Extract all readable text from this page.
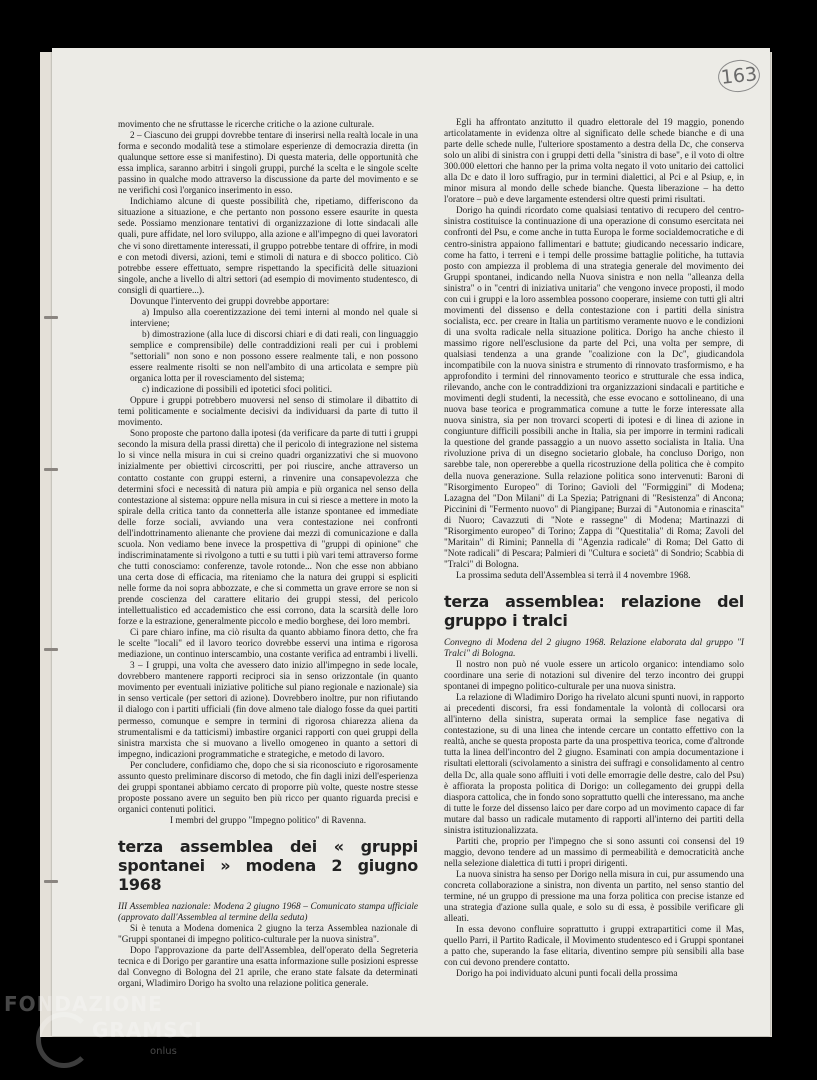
163

movimento che ne sfruttasse le ricerche critiche o la azione culturale.

2 – Ciascuno dei gruppi dovrebbe tentare di inserirsi nella realtà locale in una forma e secondo modalità tese a stimolare esperienze di democrazia diretta (in qualunque settore esse si manifestino). Di questa materia, delle opportunità che essa implica, saranno arbitri i singoli gruppi, purché la scelta e le singole scelte passino in qualche modo attraverso la discussione da parte del movimento e se ne verifichi così l'organico inserimento in esso.

Indichiamo alcune di queste possibilità che, ripetiamo, differiscono da situazione a situazione, e che pertanto non possono essere esaurite in questa sede. Possiamo menzionare tentativi di organizzazione di lotte sindacali alle quali, pure affidate, nel loro sviluppo, alla azione e all'impegno di quei lavoratori che vi sono direttamente interessati, il gruppo potrebbe tentare di offrire, in modi e con metodi diversi, azioni, temi e stimoli di natura e di sbocco politico. Ciò potrebbe essere effettuato, sempre rispettando la specificità delle situazioni singole, anche a livello di altri settori (ad esempio di movimento studentesco, di consigli di quartiere...).

Dovunque l'intervento dei gruppi dovrebbe apportare:

a) Impulso alla coerentizzazione dei temi interni al mondo nel quale si interviene;

b) dimostrazione (alla luce di discorsi chiari e di dati reali, con linguaggio semplice e comprensibile) delle contraddizioni reali per cui i problemi "settoriali" non sono e non possono essere realmente tali, e non possono essere realmente risolti se non nell'ambito di una articolata e sempre più organica lotta per il rovesciamento del sistema;

c) indicazione di possibili ed ipotetici sfoci politici.

Oppure i gruppi potrebbero muoversi nel senso di stimolare il dibattito di temi politicamente e socialmente decisivi da individuarsi da parte di tutto il movimento.

Sono proposte che partono dalla ipotesi (da verificare da parte di tutti i gruppi secondo la misura della prassi diretta) che il pericolo di integrazione nel sistema lo si vince nella misura in cui si creino quadri organizzativi che si muovono inizialmente per obiettivi circoscritti, per poi riuscire, anche attraverso un contatto costante con gruppi esterni, a rinvenire una consapevolezza che determini sfoci e necessità di natura più ampia e più organica nel senso della contestazione al sistema: oppure nella misura in cui si riesce a mettere in moto la spirale della critica tanto da connetterla alle istanze spontanee ed immediate delle forze sociali, avviando una vera contestazione nei confronti dell'indottrinamento alienante che proviene dai mezzi di comunicazione e dalla scuola. Non vediamo bene invece la prospettiva di "gruppi di opinione" che indiscriminatamente si rivolgono a tutti e su tutti i più vari temi attraverso forme che tutti conosciamo: conferenze, tavole rotonde... Non che esse non abbiano una certa dose di efficacia, ma riteniamo che la natura dei gruppi si espliciti nelle forme da noi sopra abbozzate, e che si commetta un grave errore se non si prende coscienza del carattere elitario dei gruppi stessi, del pericolo intellettualistico ed accademistico che essi corrono, data la scarsità delle loro forze e la estrazione, generalmente piccolo e medio borghese, dei loro membri.

Ci pare chiaro infine, ma ciò risulta da quanto abbiamo finora detto, che fra le scelte "locali" ed il lavoro teorico dovrebbe esservi una intima e rigorosa mediazione, un continuo interscambio, una costante verifica ad entrambi i livelli.

3 – I gruppi, una volta che avessero dato inizio all'impegno in sede locale, dovrebbero mantenere rapporti reciproci sia in senso orizzontale (in quanto movimento per eventuali iniziative politiche sul piano regionale e nazionale) sia in senso verticale (per settori di azione). Dovrebbero inoltre, pur non rifiutando il dialogo con i partiti ufficiali (fin dove almeno tale dialogo fosse da quei partiti permesso, comunque e sempre in termini di rigorosa chiarezza aliena da strumentalismi e da tatticismi) imbastire organici rapporti con quei gruppi della sinistra marxista che si muovano a livello omogeneo in quanto a settori di impegno, indicazioni programmatiche e strategiche, e metodo di lavoro.

Per concludere, confidiamo che, dopo che si sia riconosciuto e rigorosamente assunto questo preliminare discorso di metodo, che fin dagli inizi dell'esperienza dei gruppi spontanei abbiamo cercato di proporre più volte, queste nostre stesse proposte possano avere un seguito ben più ricco per quanto riguarda precisi e organici contenuti politici.

I membri del gruppo "Impegno politico" di Ravenna.

terza assemblea dei « gruppi spontanei » modena 2 giugno 1968

III Assemblea nazionale: Modena 2 giugno 1968 – Comunicato stampa ufficiale (approvato dall'Assemblea al termine della seduta)

Si è tenuta a Modena domenica 2 giugno la terza Assemblea nazionale di "Gruppi spontanei di impegno politico-culturale per la nuova sinistra".

Dopo l'approvazione da parte dell'Assemblea, dell'operato della Segreteria tecnica e di Dorigo per garantire una esatta informazione sulle posizioni espresse dal Convegno di Bologna del 21 aprile, che erano state falsate da determinati organi, Wladimiro Dorigo ha svolto una relazione politica generale.

Egli ha affrontato anzitutto il quadro elettorale del 19 maggio, ponendo articolatamente in evidenza oltre al significato delle schede bianche e di una parte delle schede nulle, l'ulteriore spostamento a destra della Dc, che conserva solo un alibi di sinistra con i gruppi detti della "sinistra di base", e il voto di oltre 300.000 elettori che hanno per la prima volta negato il voto unitario dei cattolici alla Dc e dato il loro suffragio, pur in termini dialettici, al Pci e al Psiup, e, in minor misura al mondo delle schede bianche. Questa liberazione – ha detto l'oratore – può e deve largamente estendersi oltre questi primi risultati.

Dorigo ha quindi ricordato come qualsiasi tentativo di recupero del centro-sinistra costituisce la continuazione di una operazione di consumo esercitata nei confronti del Psu, e come anche in tutta Europa le forme socialdemocratiche e di centro-sinistra appaiono fallimentari e battute; giudicando necessario indicare, come ha fatto, i terreni e i tempi delle prossime battaglie politiche, ha tuttavia posto con ampiezza il problema di una strategia generale del movimento dei Gruppi spontanei, indicando nella Nuova sinistra e non nella "alleanza della sinistra" o in "centri di iniziativa unitaria" che vengono invece proposti, il modo con cui i gruppi e la loro assemblea possono cooperare, insieme con tutti gli altri movimenti del dissenso e della contestazione con i partiti della sinistra socialista, ecc. per creare in Italia un partitismo veramente nuovo e le condizioni di una svolta radicale nella situazione politica. Dorigo ha anche chiesto il massimo rigore nell'esclusione da parte del Pci, una volta per sempre, di qualsiasi tendenza a una grande "coalizione con la Dc", giudicandola incompatibile con la nuova sinistra e strumento di rinnovato trasformismo, e ha approfondito i termini del rinnovamento teorico e strutturale che essa indica, rilevando, anche con le contraddizioni tra organizzazioni sindacali e partitiche e movimenti degli studenti, la necessità, che esse evocano e sottolineano, di una nuova base teorica e programmatica comune a tutte le forze interessate alla nuova sinistra, sia per non trovarci scoperti di ipotesi e di linea di azione in congiunture difficili possibili anche in Italia, sia per imporre in termini radicali la questione del grande passaggio a un nuovo assetto socialista in Italia. Una rivoluzione priva di un disegno societario globale, ha concluso Dorigo, non sarebbe tale, non opererebbe a quella ricostruzione della politica che è compito della nuova generazione. Sulla relazione politica sono intervenuti: Baroni di "Risorgimento Europeo" di Torino; Gavioli del "Formiggini" di Modena; Lazagna del "Don Milani" di La Spezia; Patrignani di "Resistenza" di Ancona; Piccinini di "Fermento nuovo" di Piangipane; Burzai di "Autonomia e rinascita" di Nuoro; Cavazzuti di "Note e rassegne" di Modena; Martinazzi di "Risorgimento europeo" di Torino; Zappa di "Questitalia" di Roma; Zavoli del "Maritain" di Rimini; Pannella di "Agenzia radicale" di Roma; Del Gatto di "Note radicali" di Pescara; Palmieri di "Cultura e società" di Sondrio; Scabbia di "Tralci" di Bologna.

La prossima seduta dell'Assemblea si terrà il 4 novembre 1968.

terza assemblea: relazione del gruppo i tralci

Convegno di Modena del 2 giugno 1968. Relazione elaborata dal gruppo "I Tralci" di Bologna.

Il nostro non può né vuole essere un articolo organico: intendiamo solo coordinare una serie di notazioni sul divenire del terzo incontro dei gruppi spontanei di impegno politico-culturale per una nuova sinistra.

La relazione di Wladimiro Dorigo ha rivelato alcuni spunti nuovi, in rapporto ai precedenti discorsi, fra essi fondamentale la volontà di collocarsi ora all'interno della sinistra, superata ormai la semplice fase negativa di contestazione, su di una linea che intende cercare un contatto effettivo con la realtà, anche se questa proposta parte da una prospettiva teorica, come d'altronde tutta la linea dell'incontro del 2 giugno. Esaminati con ampia documentazione i risultati elettorali (scivolamento a sinistra dei suffragi e consolidamento al centro della Dc, alla quale sono affluiti i voti delle emorragie delle destre, calo del Psu) è affiorata la proposta politica di Dorigo: un collegamento dei gruppi della diaspora cattolica, che in fondo sono soprattutto quelli che interessano, ma anche di tutte le forze del dissenso laico per dare corpo ad un movimento capace di far mutare dal basso un radicale mutamento di rapporti all'interno dei partiti della sinistra istituzionalizzata.

Partiti che, proprio per l'impegno che si sono assunti coi consensi del 19 maggio, devono tendere ad un massimo di permeabilità e democraticità anche nella selezione dialettica di tutti i propri dirigenti.

La nuova sinistra ha senso per Dorigo nella misura in cui, pur assumendo una concreta collaborazione a sinistra, non diventa un partito, nel senso stantio del termine, né un gruppo di pressione ma una forza politica con precise istanze ed una strategia d'azione sulla quale, e solo su di essa, è possibile verificare gli alleati.

In essa devono confluire soprattutto i gruppi extrapartitici come il Mas, quello Parri, il Partito Radicale, il Movimento studentesco ed i Gruppi spontanei a patto che, superando la fase elitaria, diventino sempre più sensibili alla base con cui devono prendere contatto.

Dorigo ha poi individuato alcuni punti focali della prossima

FONDAZIONE
GRAMSCI
onlus
